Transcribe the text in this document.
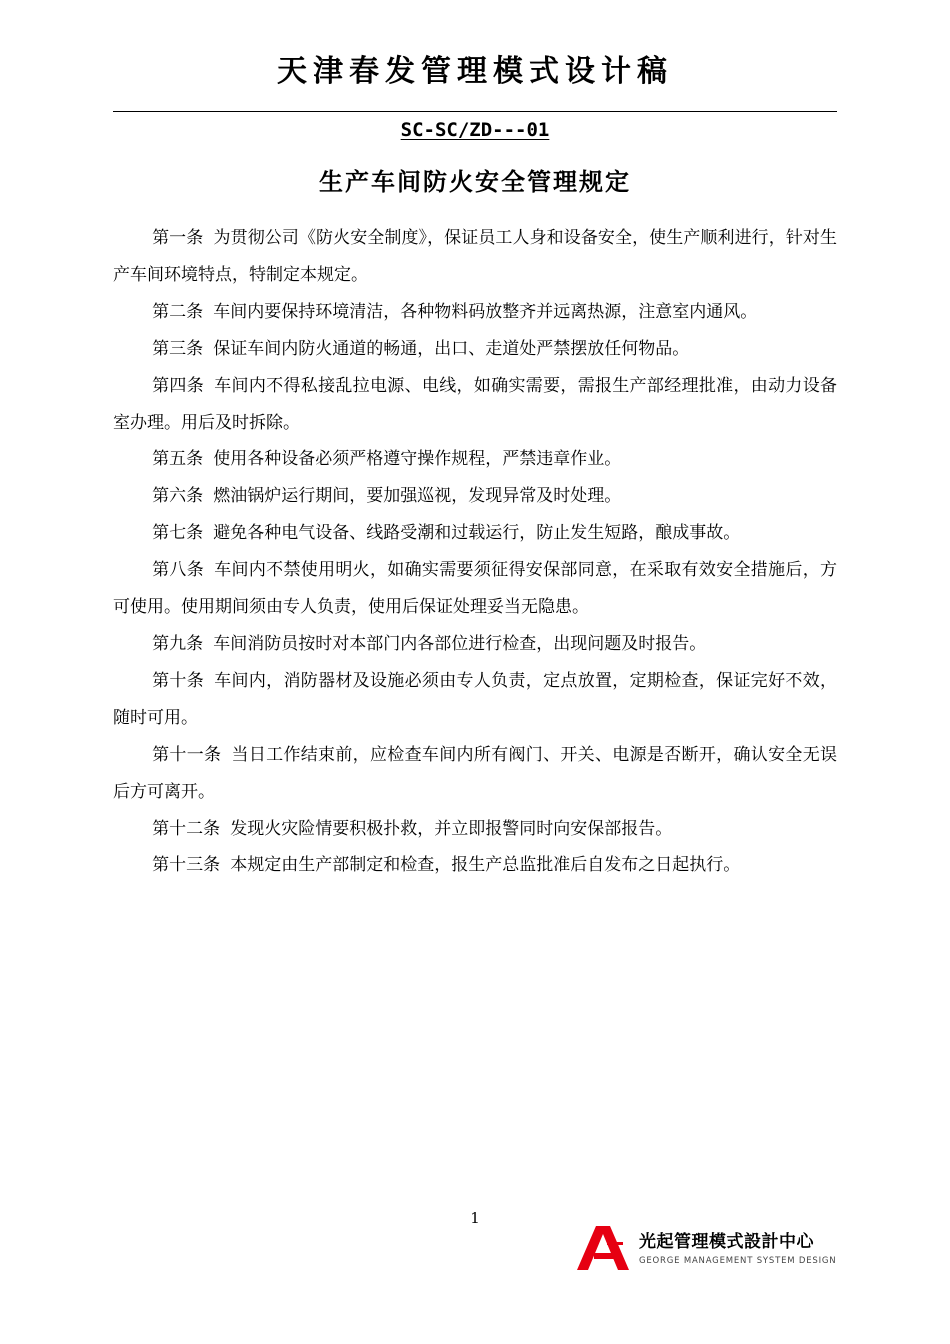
天津春发管理模式设计稿
SC-SC/ZD---01
生产车间防火安全管理规定

第一条 为贯彻公司《防火安全制度》，保证员工人身和设备安全，使生产顺利进行，针对生产车间环境特点，特制定本规定。

第二条 车间内要保持环境清洁，各种物料码放整齐并远离热源，注意室内通风。

第三条 保证车间内防火通道的畅通，出口、走道处严禁摆放任何物品。

第四条 车间内不得私接乱拉电源、电线，如确实需要，需报生产部经理批准，由动力设备室办理。用后及时拆除。

第五条 使用各种设备必须严格遵守操作规程，严禁违章作业。

第六条 燃油锅炉运行期间，要加强巡视，发现异常及时处理。

第七条 避免各种电气设备、线路受潮和过载运行，防止发生短路，酿成事故。

第八条 车间内不禁使用明火，如确实需要须征得安保部同意，在采取有效安全措施后，方可使用。使用期间须由专人负责，使用后保证处理妥当无隐患。

第九条 车间消防员按时对本部门内各部位进行检查，出现问题及时报告。

第十条 车间内，消防器材及设施必须由专人负责，定点放置，定期检查，保证完好不效，随时可用。

第十一条 当日工作结束前，应检查车间内所有阀门、开关、电源是否断开，确认安全无误后方可离开。

第十二条 发现火灾险情要积极扑救，并立即报警同时向安保部报告。

第十三条 本规定由生产部制定和检查，报生产总监批准后自发布之日起执行。

1
光起管理模式設計中心
GEORGE MANAGEMENT SYSTEM DESIGN
